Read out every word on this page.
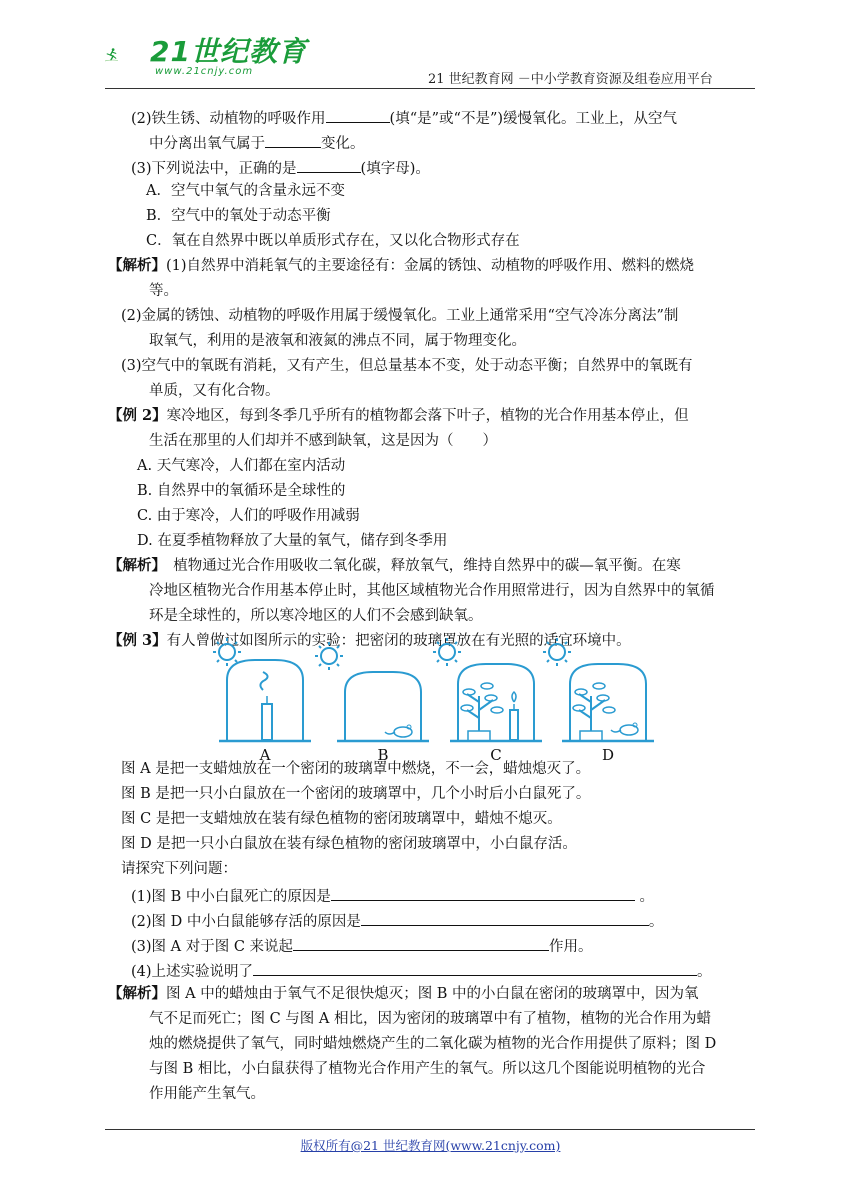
21世纪教育
www.21cnjy.com
21 世纪教育网 －中小学教育资源及组卷应用平台
(2)铁生锈、动植物的呼吸作用	(填“是”或“不是”)缓慢氧化。工业上，从空气
中分离出氧气属于	变化。
(3)下列说法中，正确的是	(填字母)。
A．空气中氧气的含量永远不变
B．空气中的氧处于动态平衡
C．氧在自然界中既以单质形式存在，又以化合物形式存在
【解析】(1)自然界中消耗氧气的主要途径有：金属的锈蚀、动植物的呼吸作用、燃料的燃烧
等。
(2)金属的锈蚀、动植物的呼吸作用属于缓慢氧化。工业上通常采用“空气冷冻分离法”制
取氧气，利用的是液氧和液氮的沸点不同，属于物理变化。
(3)空气中的氧既有消耗，又有产生，但总量基本不变，处于动态平衡；自然界中的氧既有
单质，又有化合物。
【例 2】寒冷地区，每到冬季几乎所有的植物都会落下叶子，植物的光合作用基本停止，但
生活在那里的人们却并不感到缺氧，这是因为（　　）
A. 天气寒冷，人们都在室内活动
B. 自然界中的氧循环是全球性的
C. 由于寒冷，人们的呼吸作用减弱
D. 在夏季植物释放了大量的氧气，储存到冬季用
【解析】　植物通过光合作用吸收二氧化碳，释放氧气，维持自然界中的碳—氧平衡。在寒
冷地区植物光合作用基本停止时，其他区域植物光合作用照常进行，因为自然界中的氧循
环是全球性的，所以寒冷地区的人们不会感到缺氧。
【例 3】有人曾做过如图所示的实验：把密闭的玻璃罩放在有光照的适宜环境中。
A	B	C	D
图 A 是把一支蜡烛放在一个密闭的玻璃罩中燃烧，不一会，蜡烛熄灭了。
图 B 是把一只小白鼠放在一个密闭的玻璃罩中，几个小时后小白鼠死了。
图 C 是把一支蜡烛放在装有绿色植物的密闭玻璃罩中，蜡烛不熄灭。
图 D 是把一只小白鼠放在装有绿色植物的密闭玻璃罩中，小白鼠存活。
请探究下列问题：
(1)图 B 中小白鼠死亡的原因是	。
(2)图 D 中小白鼠能够存活的原因是	。
(3)图 A 对于图 C 来说起	作用。
(4)上述实验说明了	。
【解析】图 A 中的蜡烛由于氧气不足很快熄灭；图 B 中的小白鼠在密闭的玻璃罩中，因为氧
气不足而死亡；图 C 与图 A 相比，因为密闭的玻璃罩中有了植物，植物的光合作用为蜡
烛的燃烧提供了氧气，同时蜡烛燃烧产生的二氧化碳为植物的光合作用提供了原料；图 D
与图 B 相比，小白鼠获得了植物光合作用产生的氧气。所以这几个图能说明植物的光合
作用能产生氧气。
版权所有@21 世纪教育网(www.21cnjy.com)
